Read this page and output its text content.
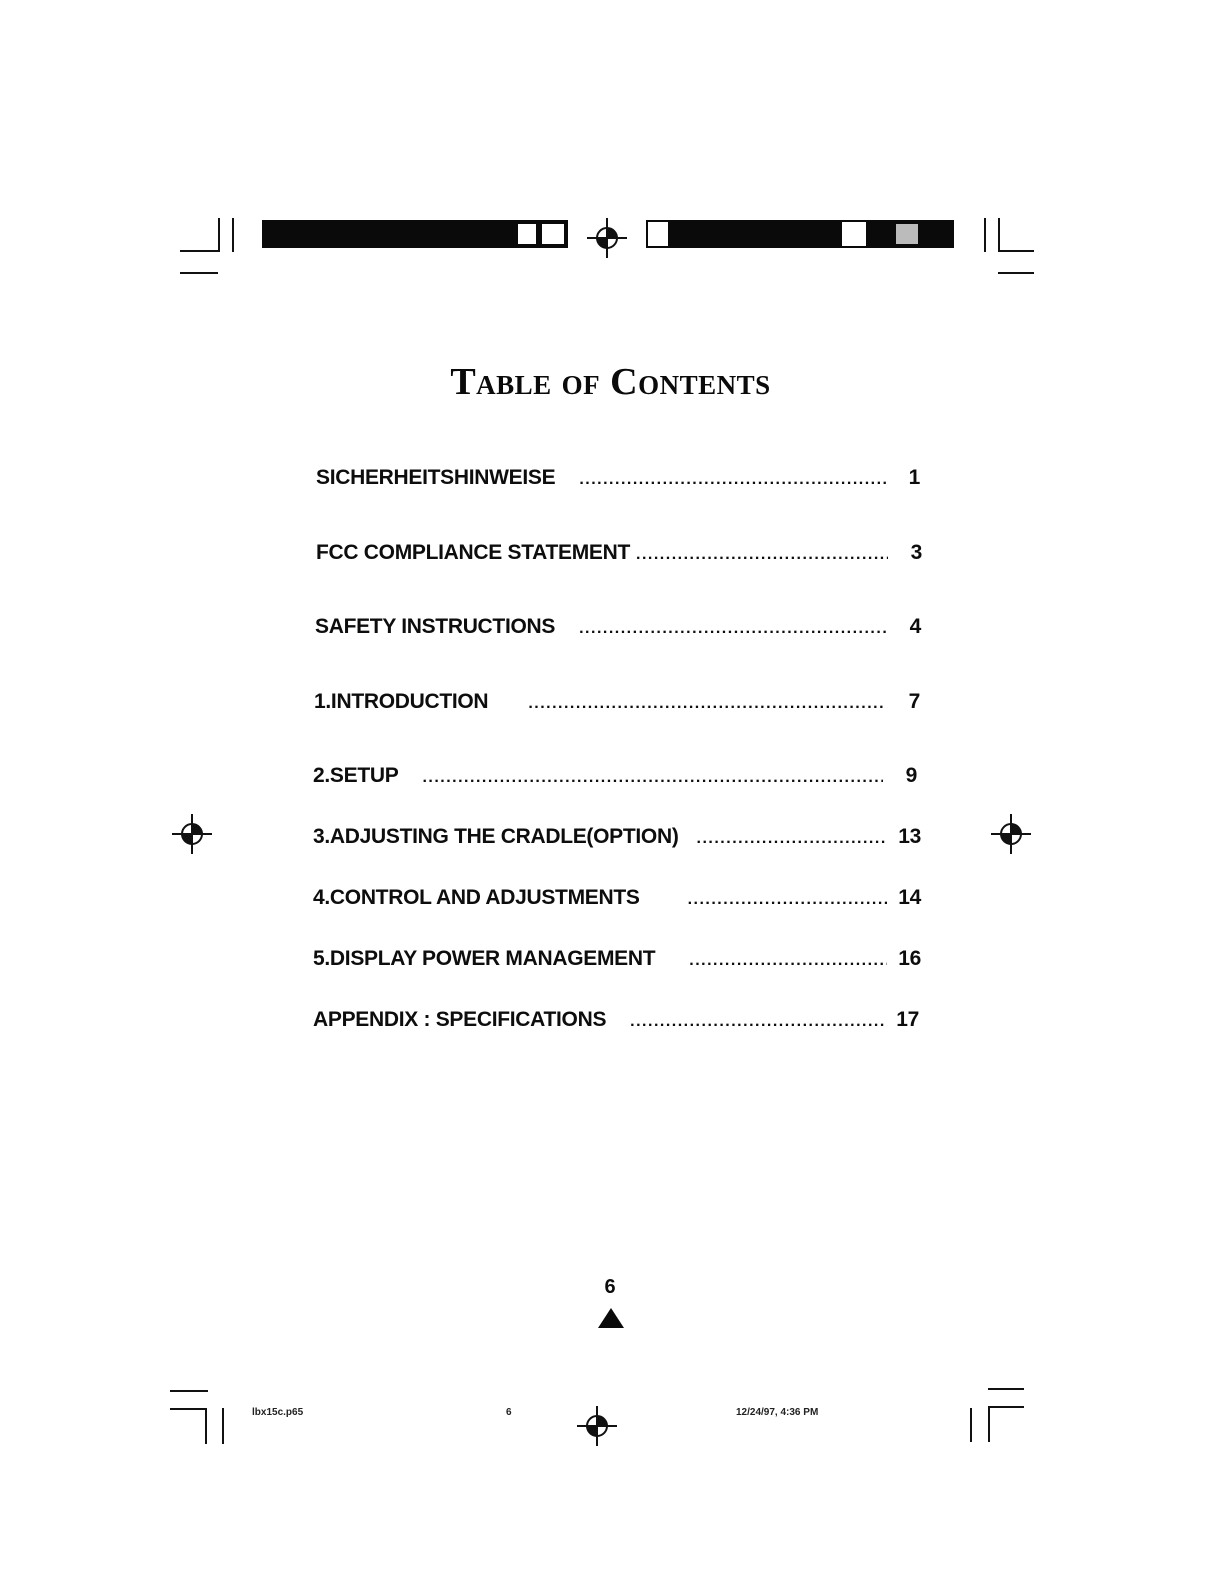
Table of Contents
SICHERHEITSHINWEISE .....	1
FCC COMPLIANCE STATEMENT .....	3
SAFETY INSTRUCTIONS .....	4
1.INTRODUCTION .....	7
2.SETUP .....	9
3.ADJUSTING THE CRADLE(OPTION) .....	13
4.CONTROL AND ADJUSTMENTS .....	14
5.DISPLAY POWER MANAGEMENT .....	16
APPENDIX : SPECIFICATIONS .....	17
6
lbx15c.p65	6	12/24/97, 4:36 PM
